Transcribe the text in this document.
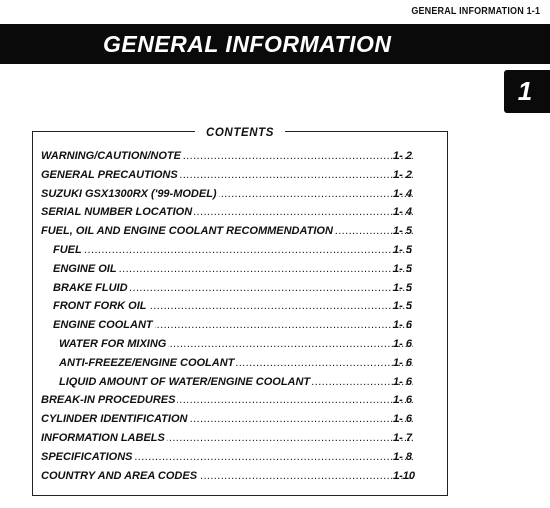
GENERAL INFORMATION 1-1
GENERAL INFORMATION
1
CONTENTS
.....
WARNING/CAUTION/NOTE	1- 2
.....
GENERAL PRECAUTIONS	1- 2
.....
SUZUKI GSX1300RX ('99-MODEL)	1- 4
.....
SERIAL NUMBER LOCATION	1- 4
.....
FUEL, OIL AND ENGINE COOLANT RECOMMENDATION	1- 5
.....
FUEL	1- 5
.....
ENGINE OIL	1- 5
.....
BRAKE FLUID	1- 5
.....
FRONT FORK OIL	1- 5
.....
ENGINE COOLANT	1- 6
.....
WATER FOR MIXING	1- 6
.....
ANTI-FREEZE/ENGINE COOLANT	1- 6
.....
LIQUID AMOUNT OF WATER/ENGINE COOLANT	1- 6
.....
BREAK-IN PROCEDURES	1- 6
.....
CYLINDER IDENTIFICATION	1- 6
.....
INFORMATION LABELS	1- 7
.....
SPECIFICATIONS	1- 8
.....
COUNTRY AND AREA CODES	1-10
